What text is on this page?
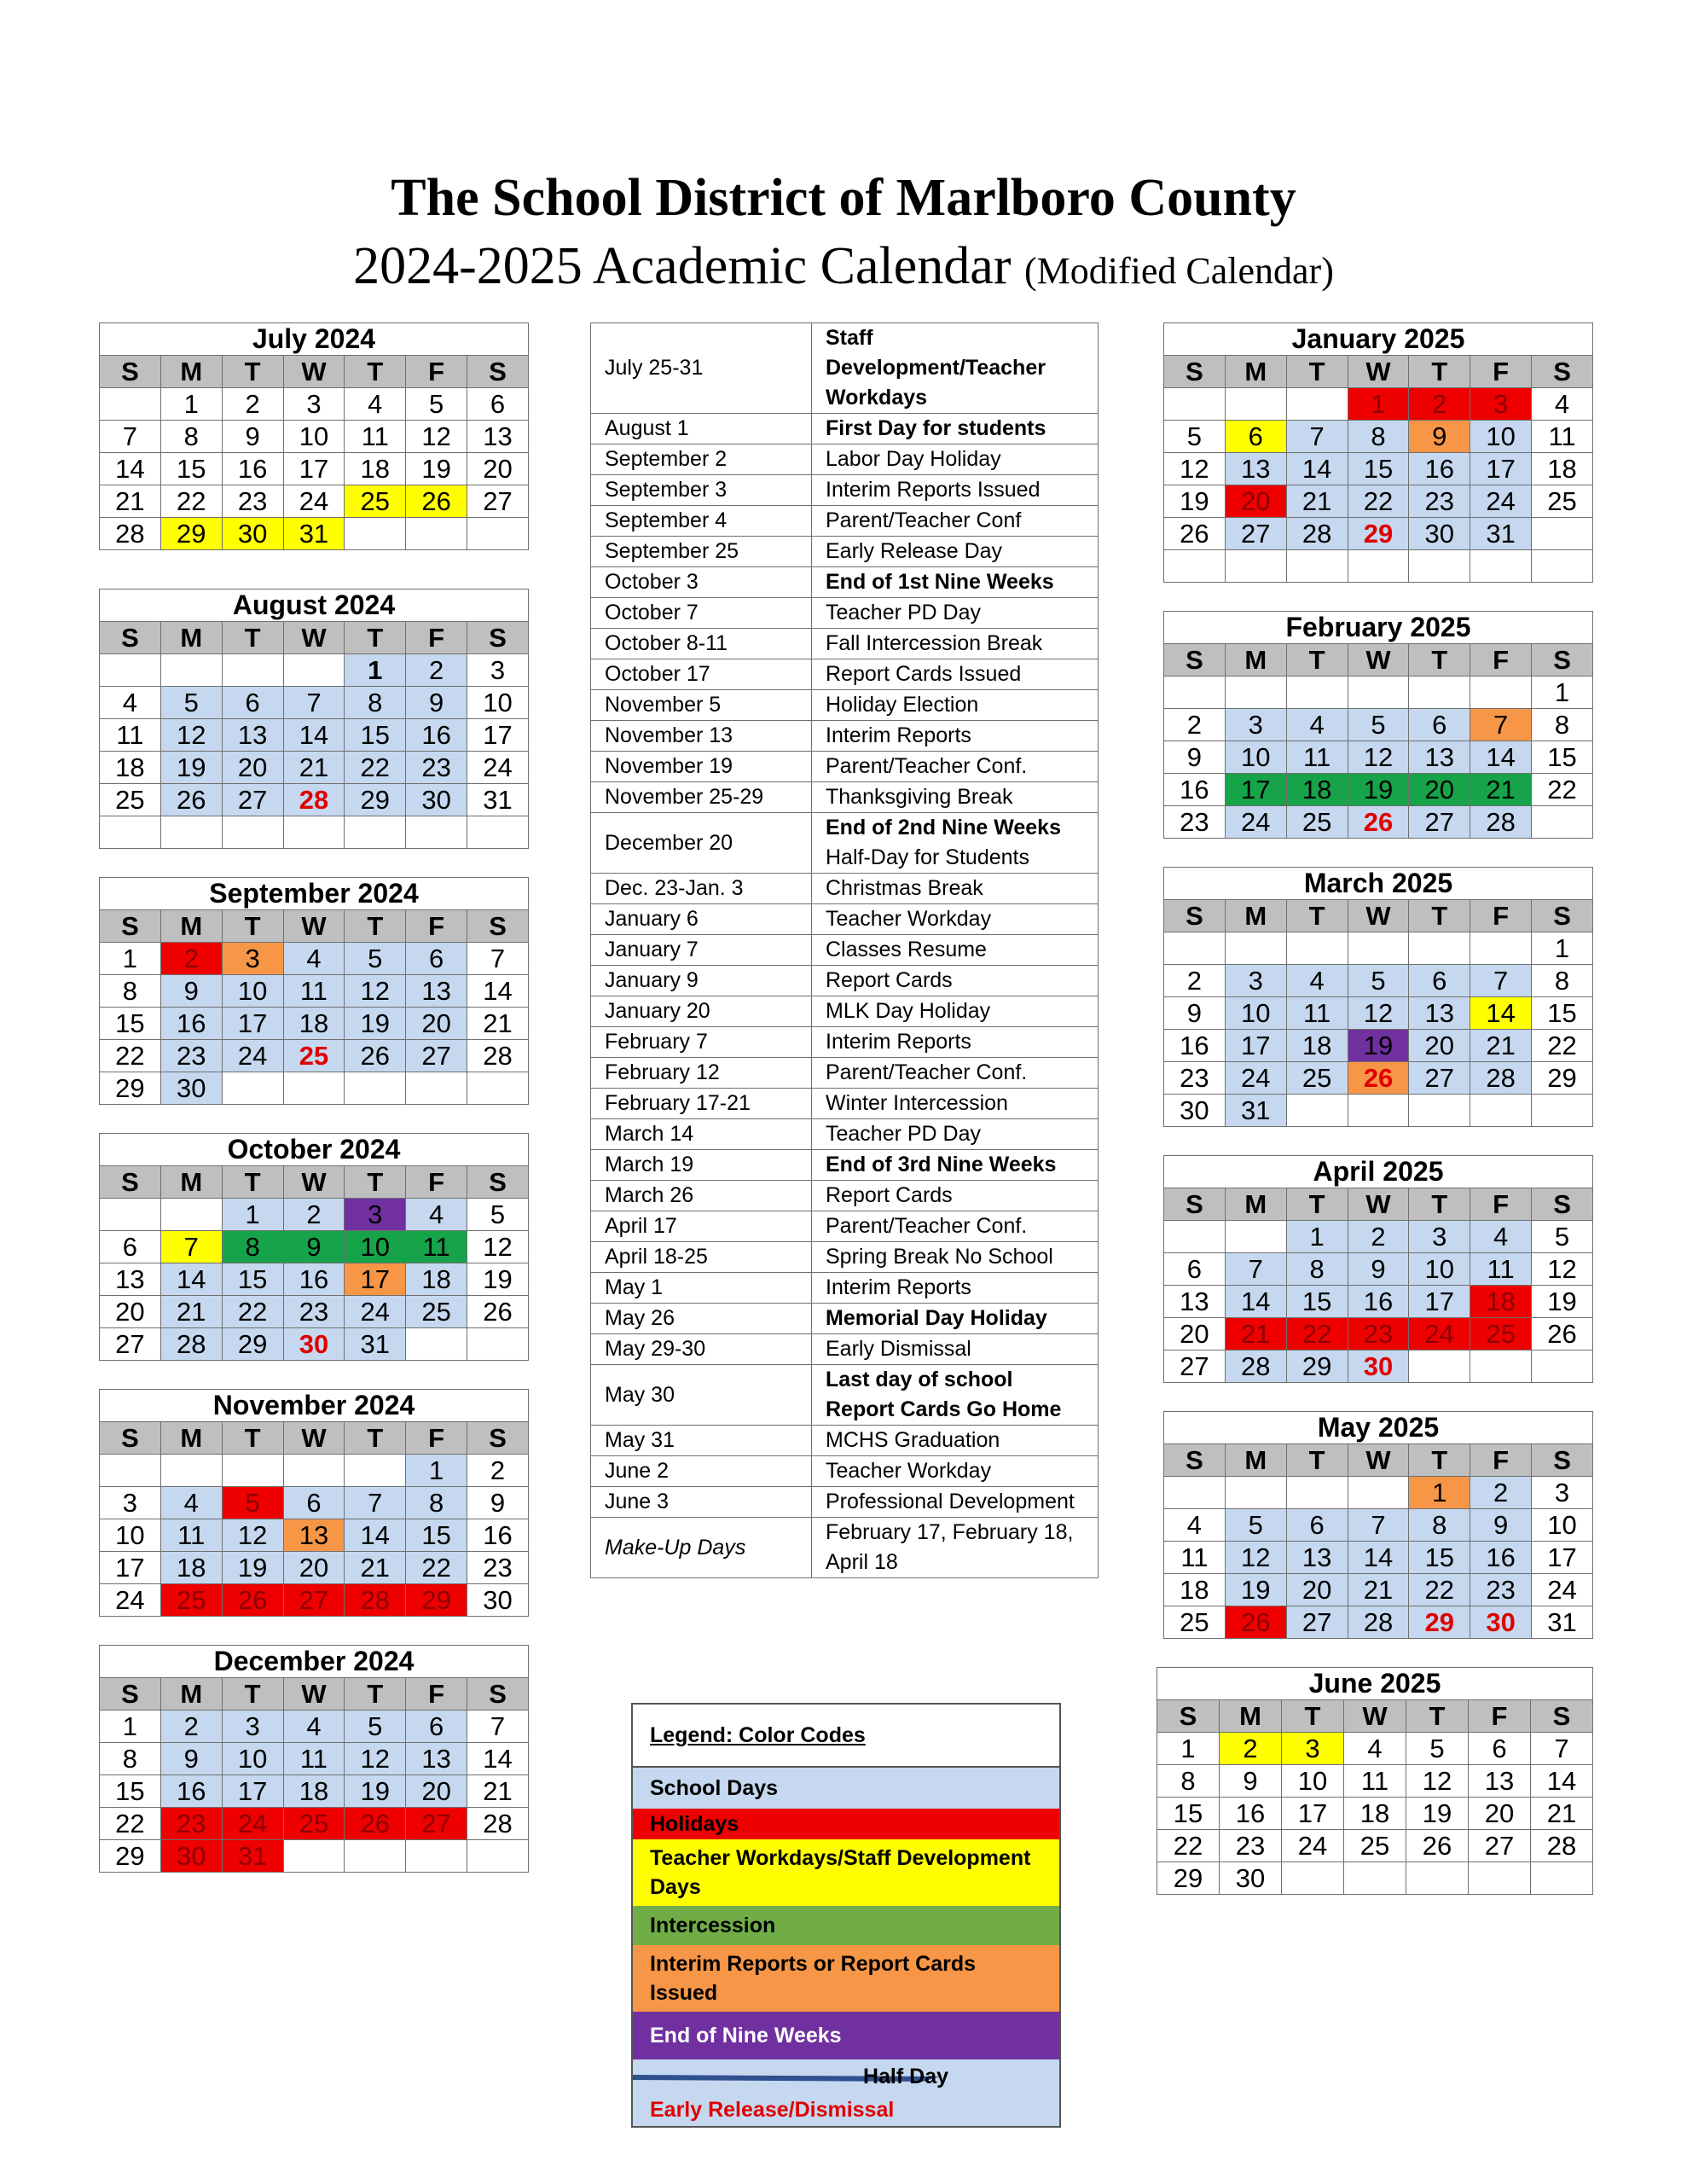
The School District of Marlboro County
2024-2025 Academic Calendar (Modified Calendar)
July 2024						
S	M	T	W	T	F	S
	1	2	3	4	5	6
7	8	9	10	11	12	13
14	15	16	17	18	19	20
21	22	23	24	25	26	27
28	29	30	31			
August 2024						
S	M	T	W	T	F	S
				1	2	3
4	5	6	7	8	9	10
11	12	13	14	15	16	17
18	19	20	21	22	23	24
25	26	27	28	29	30	31

September 2024						
S	M	T	W	T	F	S
1	2	3	4	5	6	7
8	9	10	11	12	13	14
15	16	17	18	19	20	21
22	23	24	25	26	27	28
29	30					
October 2024						
S	M	T	W	T	F	S
		1	2	3	4	5
6	7	8	9	10	11	12
13	14	15	16	17	18	19
20	21	22	23	24	25	26
27	28	29	30	31		
November 2024						
S	M	T	W	T	F	S
					1	2
3	4	5	6	7	8	9
10	11	12	13	14	15	16
17	18	19	20	21	22	23
24	25	26	27	28	29	30
December 2024						
S	M	T	W	T	F	S
1	2	3	4	5	6	7
8	9	10	11	12	13	14
15	16	17	18	19	20	21
22	23	24	25	26	27	28
29	30	31				
January 2025						
S	M	T	W	T	F	S
			1	2	3	4
5	6	7	8	9	10	11
12	13	14	15	16	17	18
19	20	21	22	23	24	25
26	27	28	29	30	31	

February 2025						
S	M	T	W	T	F	S
						1
2	3	4	5	6	7	8
9	10	11	12	13	14	15
16	17	18	19	20	21	22
23	24	25	26	27	28	
March 2025						
S	M	T	W	T	F	S
						1
2	3	4	5	6	7	8
9	10	11	12	13	14	15
16	17	18	19	20	21	22
23	24	25	26	27	28	29
30	31					
April 2025						
S	M	T	W	T	F	S
		1	2	3	4	5
6	7	8	9	10	11	12
13	14	15	16	17	18	19
20	21	22	23	24	25	26
27	28	29	30			
May 2025						
S	M	T	W	T	F	S
				1	2	3
4	5	6	7	8	9	10
11	12	13	14	15	16	17
18	19	20	21	22	23	24
25	26	27	28	29	30	31
June 2025						
S	M	T	W	T	F	S
1	2	3	4	5	6	7
8	9	10	11	12	13	14
15	16	17	18	19	20	21
22	23	24	25	26	27	28
29	30					
July 25-31	Staff Development/Teacher Workdays
August 1	First Day for students
September 2	Labor Day Holiday
September 3	Interim Reports Issued
September 4	Parent/Teacher Conf
September 25	Early Release Day
October 3	End of 1st Nine Weeks
October 7	Teacher PD Day
October 8-11	Fall Intercession Break
October 17	Report Cards Issued
November 5	Holiday Election
November 13	Interim Reports
November 19	Parent/Teacher Conf.
November 25-29	Thanksgiving Break
December 20	End of 2nd Nine Weeks
Half-Day for Students
Dec. 23-Jan. 3	Christmas Break
January 6	Teacher Workday
January 7	Classes Resume
January 9	Report Cards
January 20	MLK Day Holiday
February 7	Interim Reports
February 12	Parent/Teacher Conf.
February 17-21	Winter Intercession
March 14	Teacher PD Day
March 19	End of 3rd Nine Weeks
March 26	Report Cards
April 17	Parent/Teacher Conf.
April 18-25	Spring Break No School
May 1	Interim Reports
May 26	Memorial Day Holiday
May 29-30	Early Dismissal
May 30	Last day of school Report Cards Go Home
May 31	MCHS Graduation
June 2	Teacher Workday
June 3	Professional Development
Make-Up Days	February 17, February 18, April 18
Legend: Color Codes
School Days
Holidays
Teacher Workdays/Staff Development Days
Intercession
Interim Reports or Report Cards Issued
End of Nine Weeks
Half Day
Early Release/Dismissal
